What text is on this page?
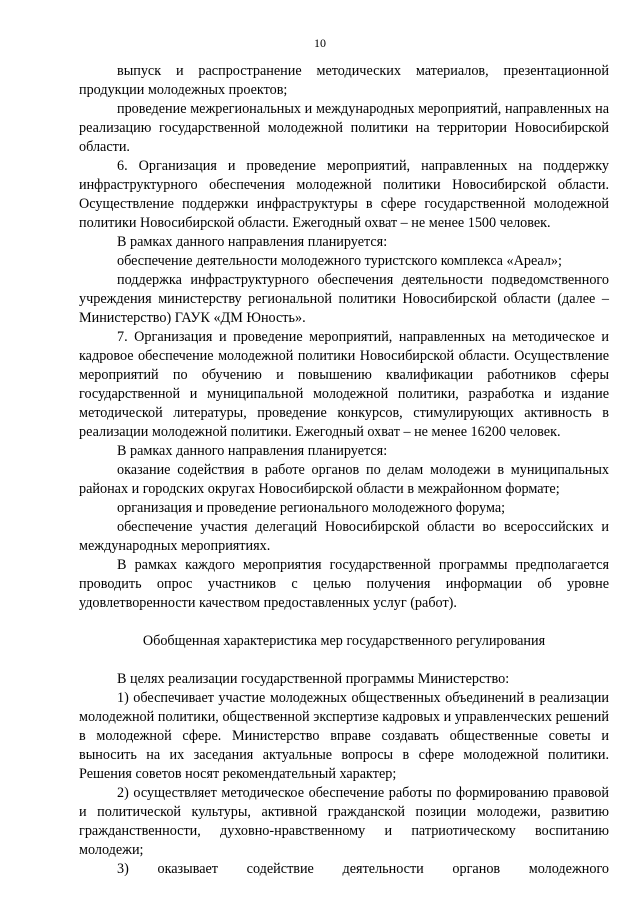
10

выпуск и распространение методических материалов, презентационной продукции молодежных проектов;

проведение межрегиональных и международных мероприятий, направленных на реализацию государственной молодежной политики на территории Новосибирской области.

6. Организация и проведение мероприятий, направленных на поддержку инфраструктурного обеспечения молодежной политики Новосибирской области. Осуществление поддержки инфраструктуры в сфере государственной молодежной политики Новосибирской области. Ежегодный охват – не менее 1500 человек.

В рамках данного направления планируется:

обеспечение деятельности молодежного туристского комплекса «Ареал»;

поддержка инфраструктурного обеспечения деятельности подведомственного учреждения министерству региональной политики Новосибирской области (далее – Министерство) ГАУК «ДМ Юность».

7. Организация и проведение мероприятий, направленных на методическое и кадровое обеспечение молодежной политики Новосибирской области. Осуществление мероприятий по обучению и повышению квалификации работников сферы государственной и муниципальной молодежной политики, разработка и издание методической литературы, проведение конкурсов, стимулирующих активность в реализации молодежной политики. Ежегодный охват – не менее 16200 человек.

В рамках данного направления планируется:

оказание содействия в работе органов по делам молодежи в муниципальных районах и городских округах Новосибирской области в межрайонном формате;

организация и проведение регионального молодежного форума;

обеспечение участия делегаций Новосибирской области во всероссийских и международных мероприятиях.

В рамках каждого мероприятия государственной программы предполагается проводить опрос участников с целью получения информации об уровне удовлетворенности качеством предоставленных услуг (работ).

Обобщенная характеристика мер государственного регулирования

В целях реализации государственной программы Министерство:

1) обеспечивает участие молодежных общественных объединений в реализации молодежной политики, общественной экспертизе кадровых и управленческих решений в молодежной сфере. Министерство вправе создавать общественные советы и выносить на их заседания актуальные вопросы в сфере молодежной политики. Решения советов носят рекомендательный характер;

2) осуществляет методическое обеспечение работы по формированию правовой и политической культуры, активной гражданской позиции молодежи, развитию гражданственности, духовно-нравственному и патриотическому воспитанию молодежи;

3) оказывает содействие деятельности органов молодежного
